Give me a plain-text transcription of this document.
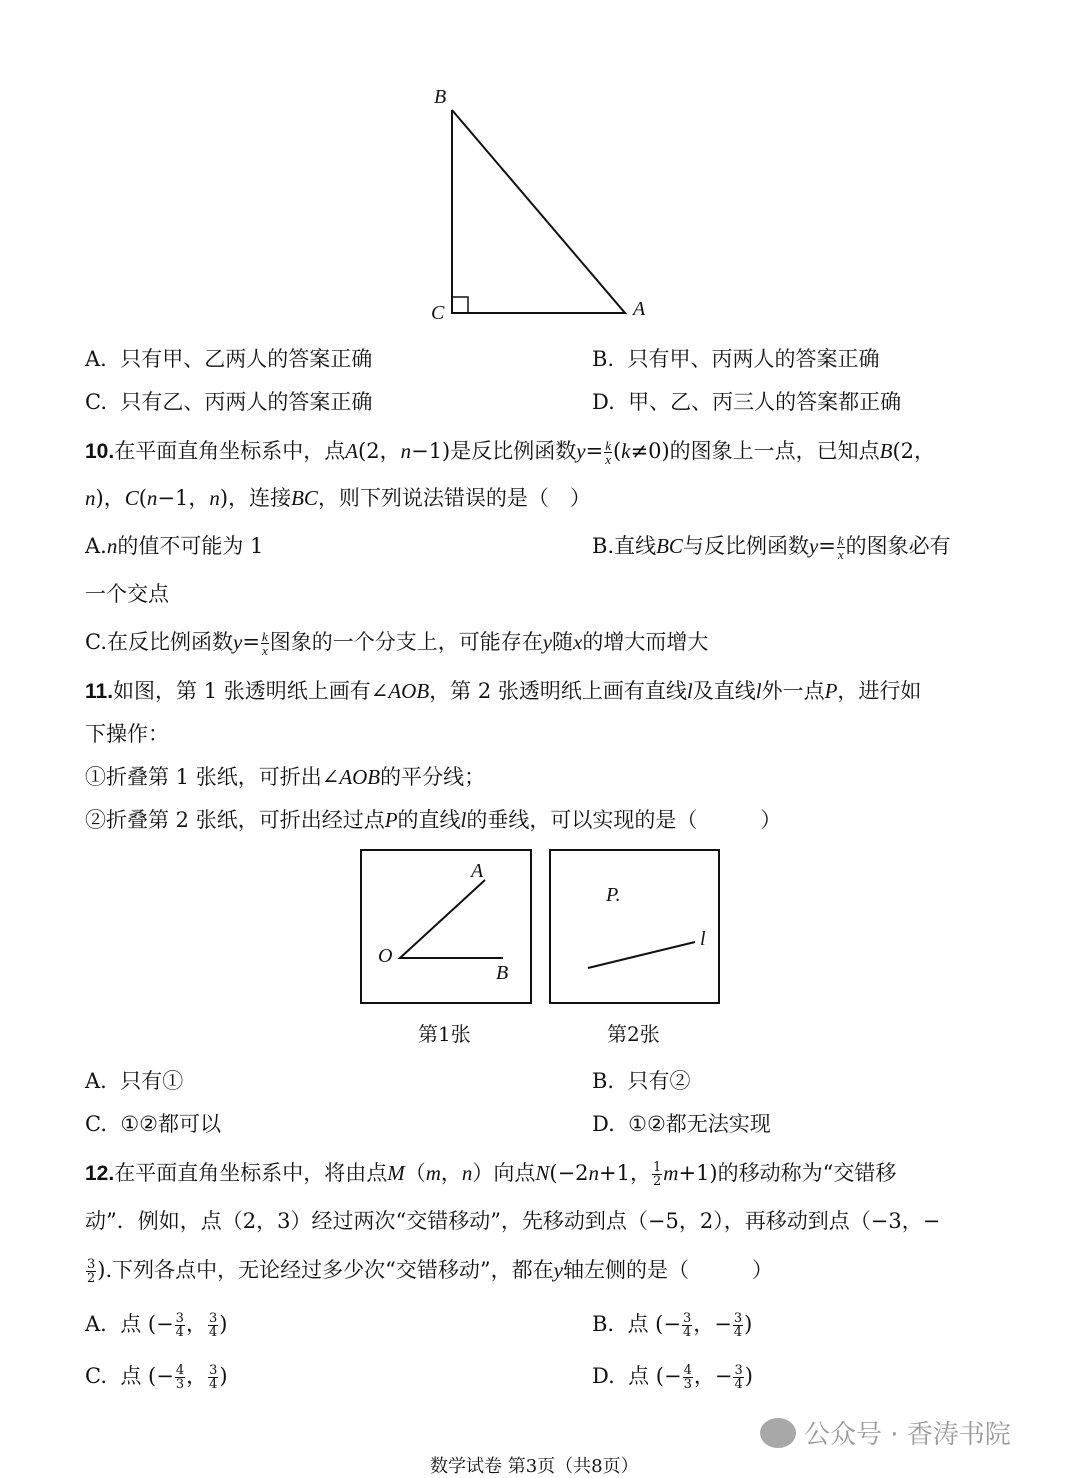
B
C	A
A. 只有甲、乙两人的答案正确	B. 只有甲、丙两人的答案正确
C. 只有乙、丙两人的答案正确	D. 甲、乙、丙三人的答案都正确
10.在平面直角坐标系中，点A(2，n−1)是反比例函数$y= \frac{k}{x} (k\ne 0)$的图象上一点，已知点B(2，
n)，C(n−1，n)，连接BC，则下列说法错误的是（　）
A.n的值不可能为 1	B.直线BC与反比例函数$y= \frac{k}{x}$ 的图象必有
一个交点
C.在反比例函数$y= \frac{k}{x}$ 图象的一个分支上，可能存在y随x的增大而增大
11.如图，第 1 张透明纸上画有∠AOB，第 2 张透明纸上画有直线l及直线l外一点P，进行如
下操作：
①折叠第 1 张纸，可折出∠AOB的平分线；
②折叠第 2 张纸，可折出经过点P的直线l的垂线，可以实现的是（　　　）
A
O
B
第1张
P.
l
第2张
A. 只有①	B. 只有②
C. ①②都可以	D. ①②都无法实现
12.在平面直角坐标系中，将由点M（m，n）向点N(−2n+1， $\frac{1}{2} m+1$)的移动称为“交错移
动”．例如，点（2，3）经过两次“交错移动”，先移动到点（−5，2），再移动到点（−3，−
$\frac{3}{2}$ ).下列各点中，无论经过多少次“交错移动”，都在y轴左侧的是（　　　）
A. 点 (− $\frac{3}{4}$ ， $\frac{3}{4}$ )	B. 点 (− $\frac{3}{4}$ ，− $\frac{3}{4}$ )
C. 点 (− $\frac{4}{3}$ ， $\frac{3}{4}$ )	D. 点 (− $\frac{4}{3}$ ，− $\frac{3}{4}$ )
公众号 · 香涛书院
数学试卷 第3页（共8页）
